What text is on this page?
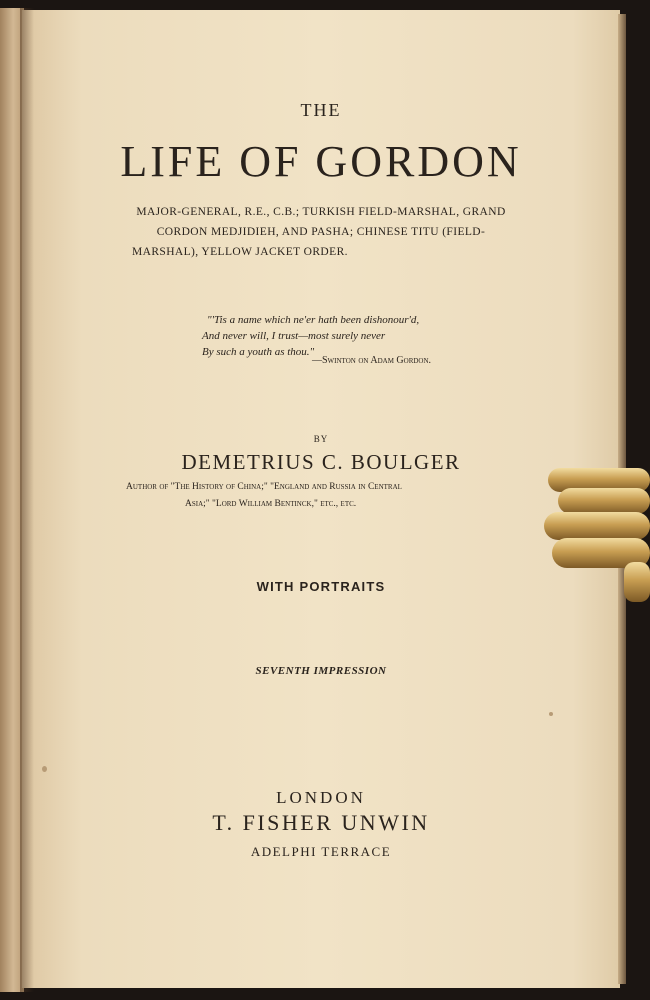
THE
LIFE OF GORDON
MAJOR-GENERAL, R.E., C.B.; TURKISH FIELD-MARSHAL, GRAND
CORDON MEDJIDIEH, AND PASHA; CHINESE TITU (FIELD-
MARSHAL), YELLOW JACKET ORDER.
"'Tis a name which ne'er hath been dishonour'd,
And never will, I trust—most surely never
By such a youth as thou."
—Swinton on Adam Gordon.
BY
DEMETRIUS C. BOULGER
Author of "The History of China;" "England and Russia in Central
Asia;" "Lord William Bentinck," etc., etc.
WITH PORTRAITS
SEVENTH IMPRESSION
LONDON
T. FISHER UNWIN
ADELPHI TERRACE
